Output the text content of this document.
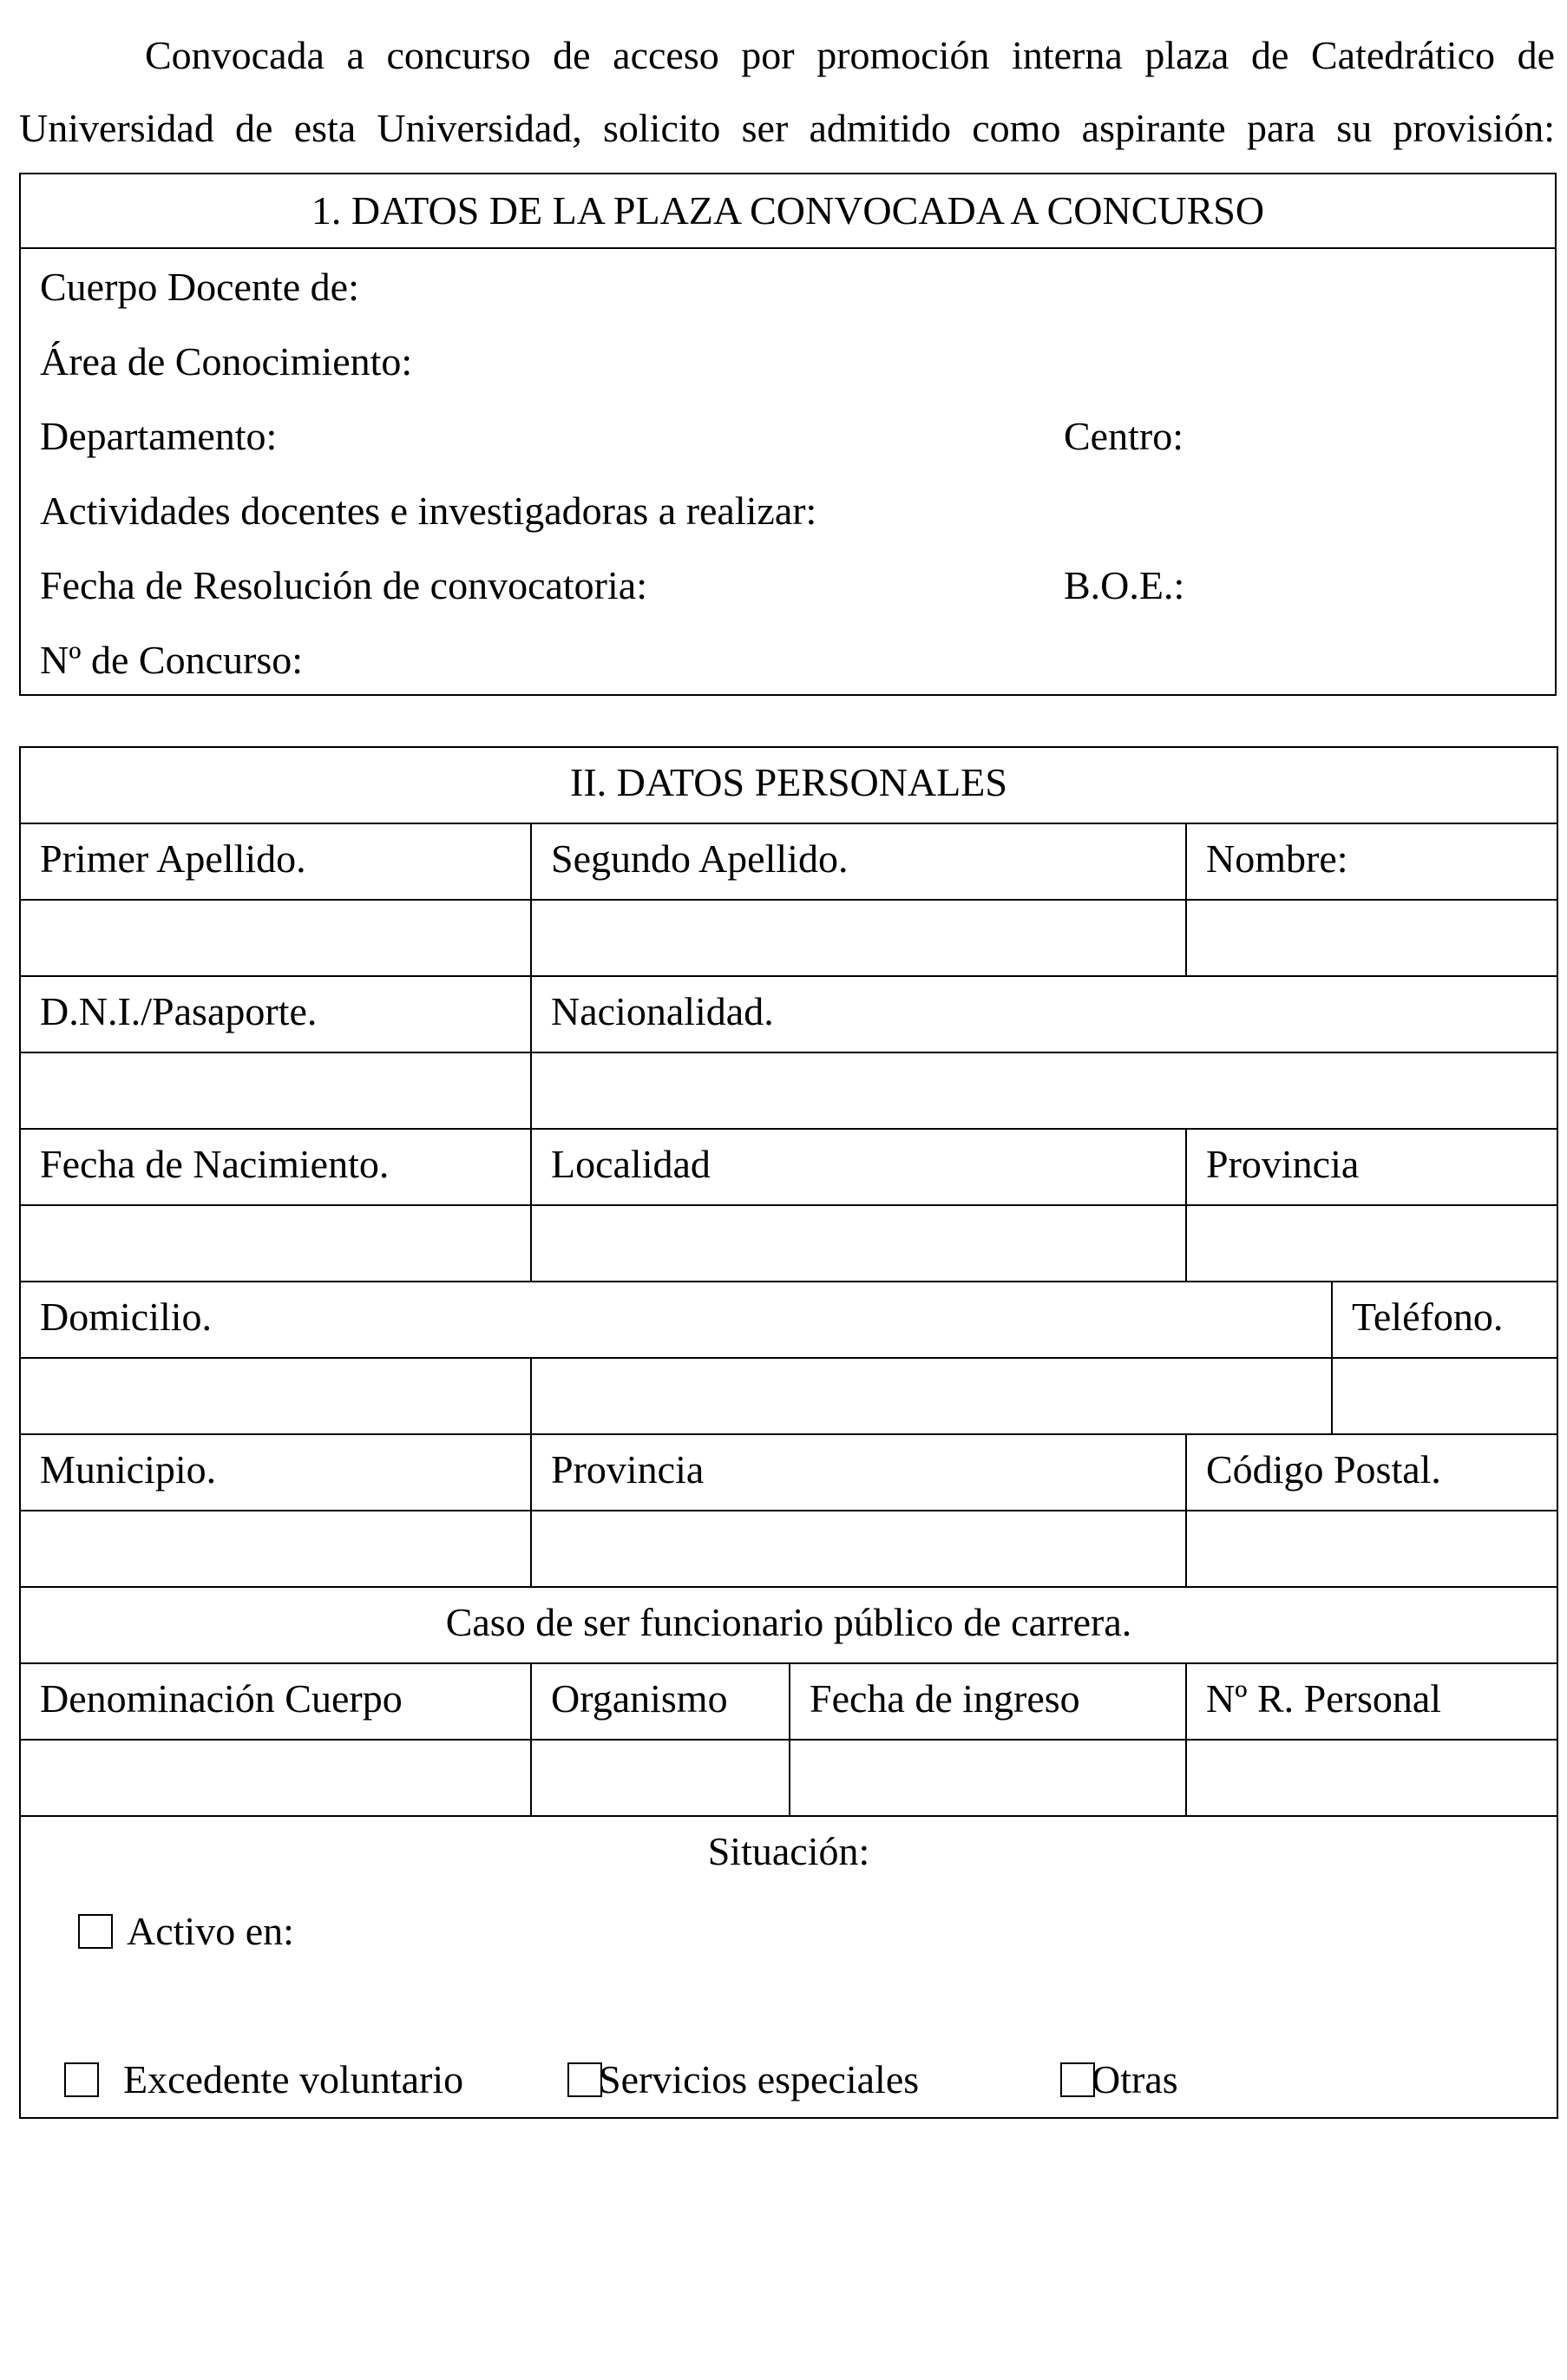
Convocada a concurso de acceso por promoción interna plaza de Catedrático de
Universidad de esta Universidad, solicito ser admitido como aspirante para su provisión:
1. DATOS DE LA PLAZA CONVOCADA A CONCURSO
Cuerpo Docente de:
Área de Conocimiento:
Departamento:	Centro:
Actividades docentes e investigadoras a realizar:
Fecha de Resolución de convocatoria:	B.O.E.:
Nº de Concurso:
II. DATOS PERSONALES				
Primer Apellido.	Segundo Apellido.		Nombre:	

D.N.I./Pasaporte.	Nacionalidad.			

Fecha de Nacimiento.	Localidad		Provincia	

Domicilio.				Teléfono.

Municipio.	Provincia		Código Postal.	

Caso de ser funcionario público de carrera.				
Denominación Cuerpo	Organismo	Fecha de ingreso	Nº R. Personal	

Situación:
Activo en:
Excedente voluntario Servicios especiales Otras				
